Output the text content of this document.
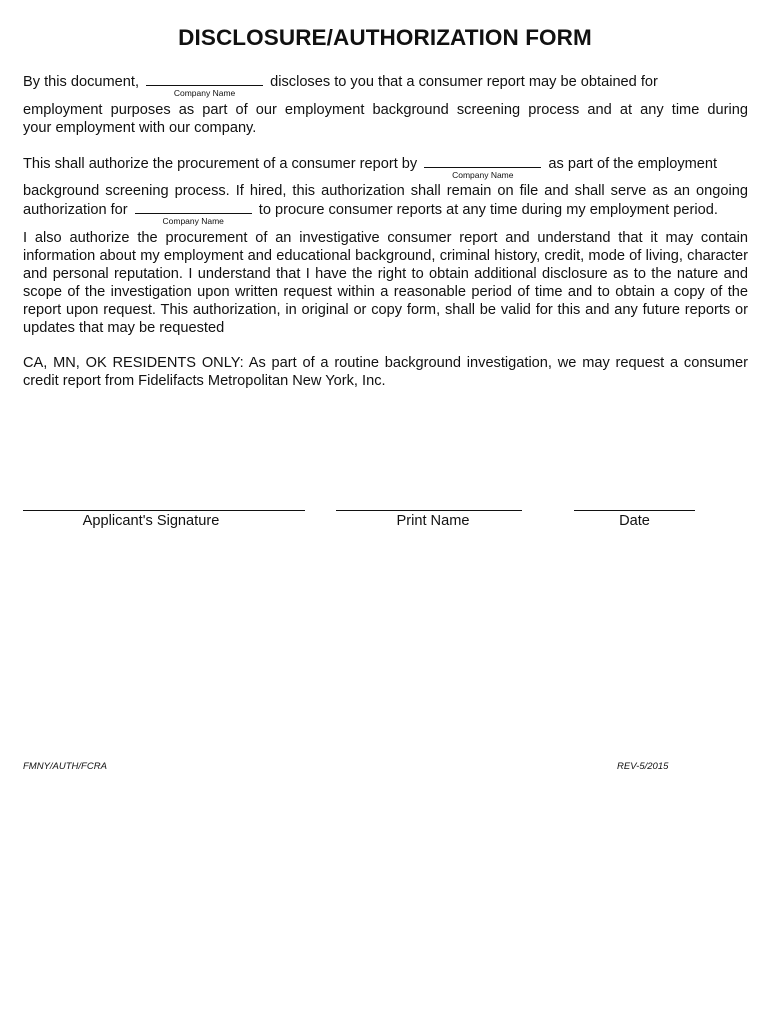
DISCLOSURE/AUTHORIZATION FORM
By this document,
Company Name
discloses to you that a consumer report may be obtained for
employment purposes as part of our employment background screening process and at any time during
your employment with our company.
This shall authorize the procurement of a consumer report by
Company Name
as part of the employment
background screening process. If hired, this authorization shall remain on file and shall serve as an ongoing
authorization for
Company Name
to procure consumer reports at any time during my employment period.
I also authorize the procurement of an investigative consumer report and understand that it may contain information about my employment and educational background, criminal history, credit, mode of living, character and personal reputation. I understand that I have the right to obtain additional disclosure as to the nature and scope of the investigation upon written request within a reasonable period of time and to obtain a copy of the report upon request. This authorization, in original or copy form, shall be valid for this and any future reports or updates that may be requested
CA, MN, OK RESIDENTS ONLY: As part of a routine background investigation, we may request a consumer credit report from Fidelifacts Metropolitan New York, Inc.
Applicant's Signature	Print Name	Date
FMNY/AUTH/FCRA	REV-5/2015
